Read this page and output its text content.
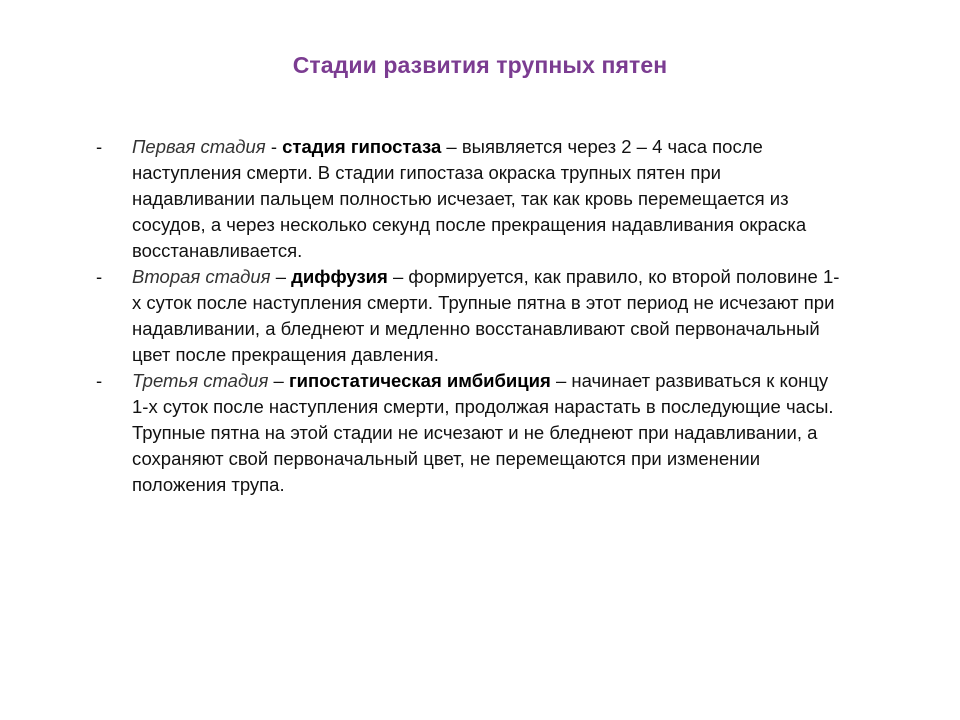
Стадии развития трупных пятен
-	Первая стадия - стадия гипостаза – выявляется через 2 – 4 часа после наступления смерти. В стадии гипостаза окраска трупных пятен при надавливании пальцем полностью исчезает, так как кровь перемещается из сосудов, а через несколько секунд после прекращения надавливания окраска восстанавливается.
-	Вторая стадия – диффузия – формируется, как правило, ко второй половине 1-х суток после наступления смерти. Трупные пятна в этот период не исчезают при надавливании, а бледнеют и медленно восстанавливают свой первоначальный цвет после прекращения давления.
-	Третья стадия – гипостатическая имбибиция – начинает развиваться к концу 1-х суток после наступления смерти, продолжая нарастать в последующие часы. Трупные пятна на этой стадии не исчезают и не бледнеют при надавливании, а сохраняют свой первоначальный цвет, не перемещаются при изменении положения трупа.
